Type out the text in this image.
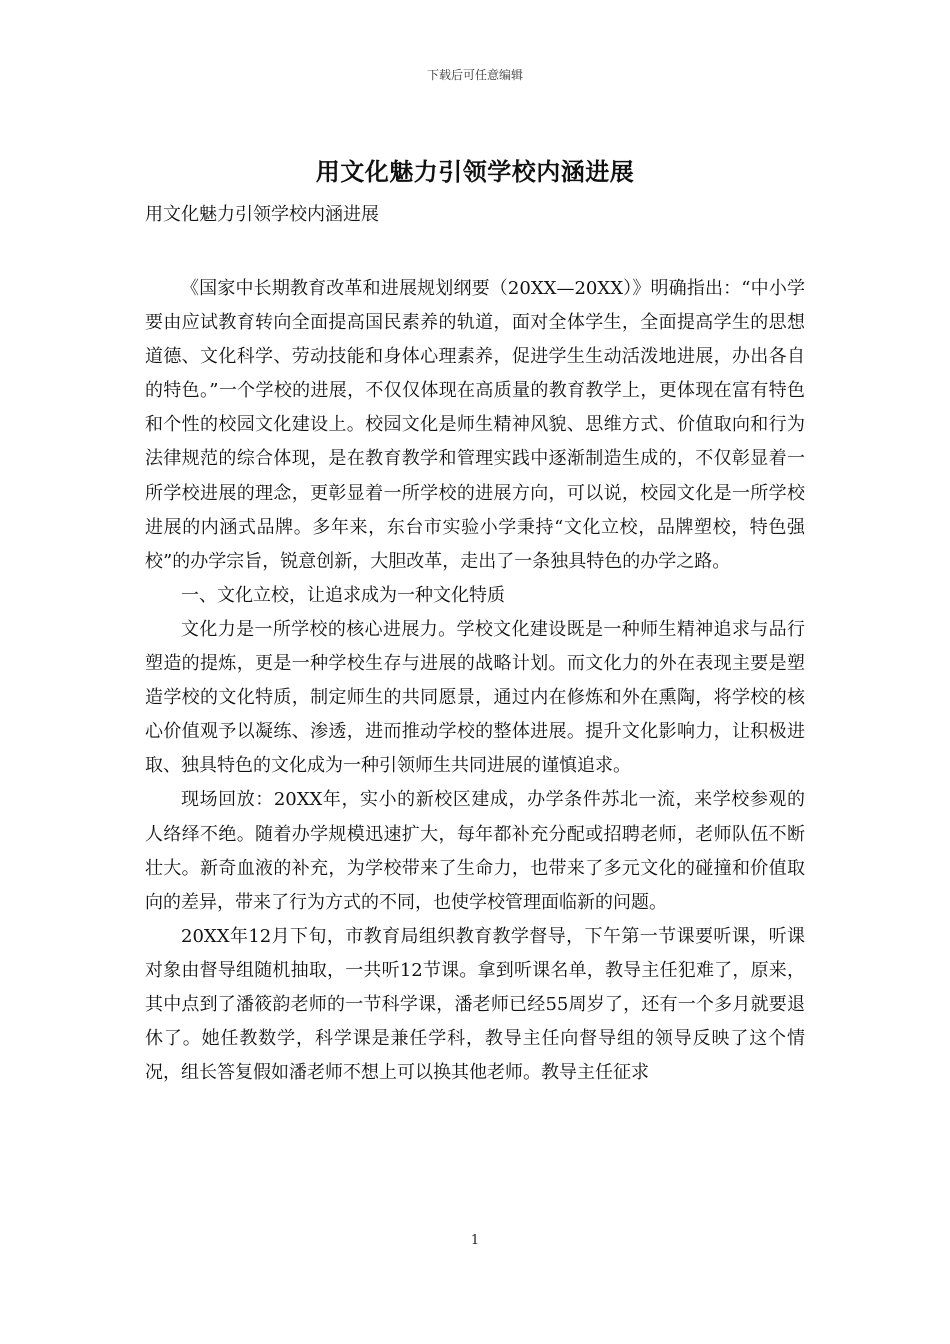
下载后可任意编辑
用文化魅力引领学校内涵进展
用文化魅力引领学校内涵进展

《国家中长期教育改革和进展规划纲要（20XX—20XX）》明确指出：“中小学要由应试教育转向全面提高国民素养的轨道，面对全体学生，全面提高学生的思想道德、文化科学、劳动技能和身体心理素养，促进学生生动活泼地进展，办出各自的特色。”一个学校的进展，不仅仅体现在高质量的教育教学上，更体现在富有特色和个性的校园文化建设上。校园文化是师生精神风貌、思维方式、价值取向和行为法律规范的综合体现，是在教育教学和管理实践中逐渐制造生成的，不仅彰显着一所学校进展的理念，更彰显着一所学校的进展方向，可以说，校园文化是一所学校进展的内涵式品牌。多年来，东台市实验小学秉持“文化立校，品牌塑校，特色强校”的办学宗旨，锐意创新，大胆改革，走出了一条独具特色的办学之路。

一、文化立校，让追求成为一种文化特质

文化力是一所学校的核心进展力。学校文化建设既是一种师生精神追求与品行塑造的提炼，更是一种学校生存与进展的战略计划。而文化力的外在表现主要是塑造学校的文化特质，制定师生的共同愿景，通过内在修炼和外在熏陶，将学校的核心价值观予以凝练、渗透，进而推动学校的整体进展。提升文化影响力，让积极进取、独具特色的文化成为一种引领师生共同进展的谨慎追求。

现场回放：20XX年，实小的新校区建成，办学条件苏北一流，来学校参观的人络绎不绝。随着办学规模迅速扩大，每年都补充分配或招聘老师，老师队伍不断壮大。新奇血液的补充，为学校带来了生命力，也带来了多元文化的碰撞和价值取向的差异，带来了行为方式的不同，也使学校管理面临新的问题。

20XX年12月下旬，市教育局组织教育教学督导，下午第一节课要听课，听课对象由督导组随机抽取，一共听12节课。拿到听课名单，教导主任犯难了，原来，其中点到了潘筱韵老师的一节科学课，潘老师已经55周岁了，还有一个多月就要退休了。她任教数学，科学课是兼任学科，教导主任向督导组的领导反映了这个情况，组长答复假如潘老师不想上可以换其他老师。教导主任征求

1
